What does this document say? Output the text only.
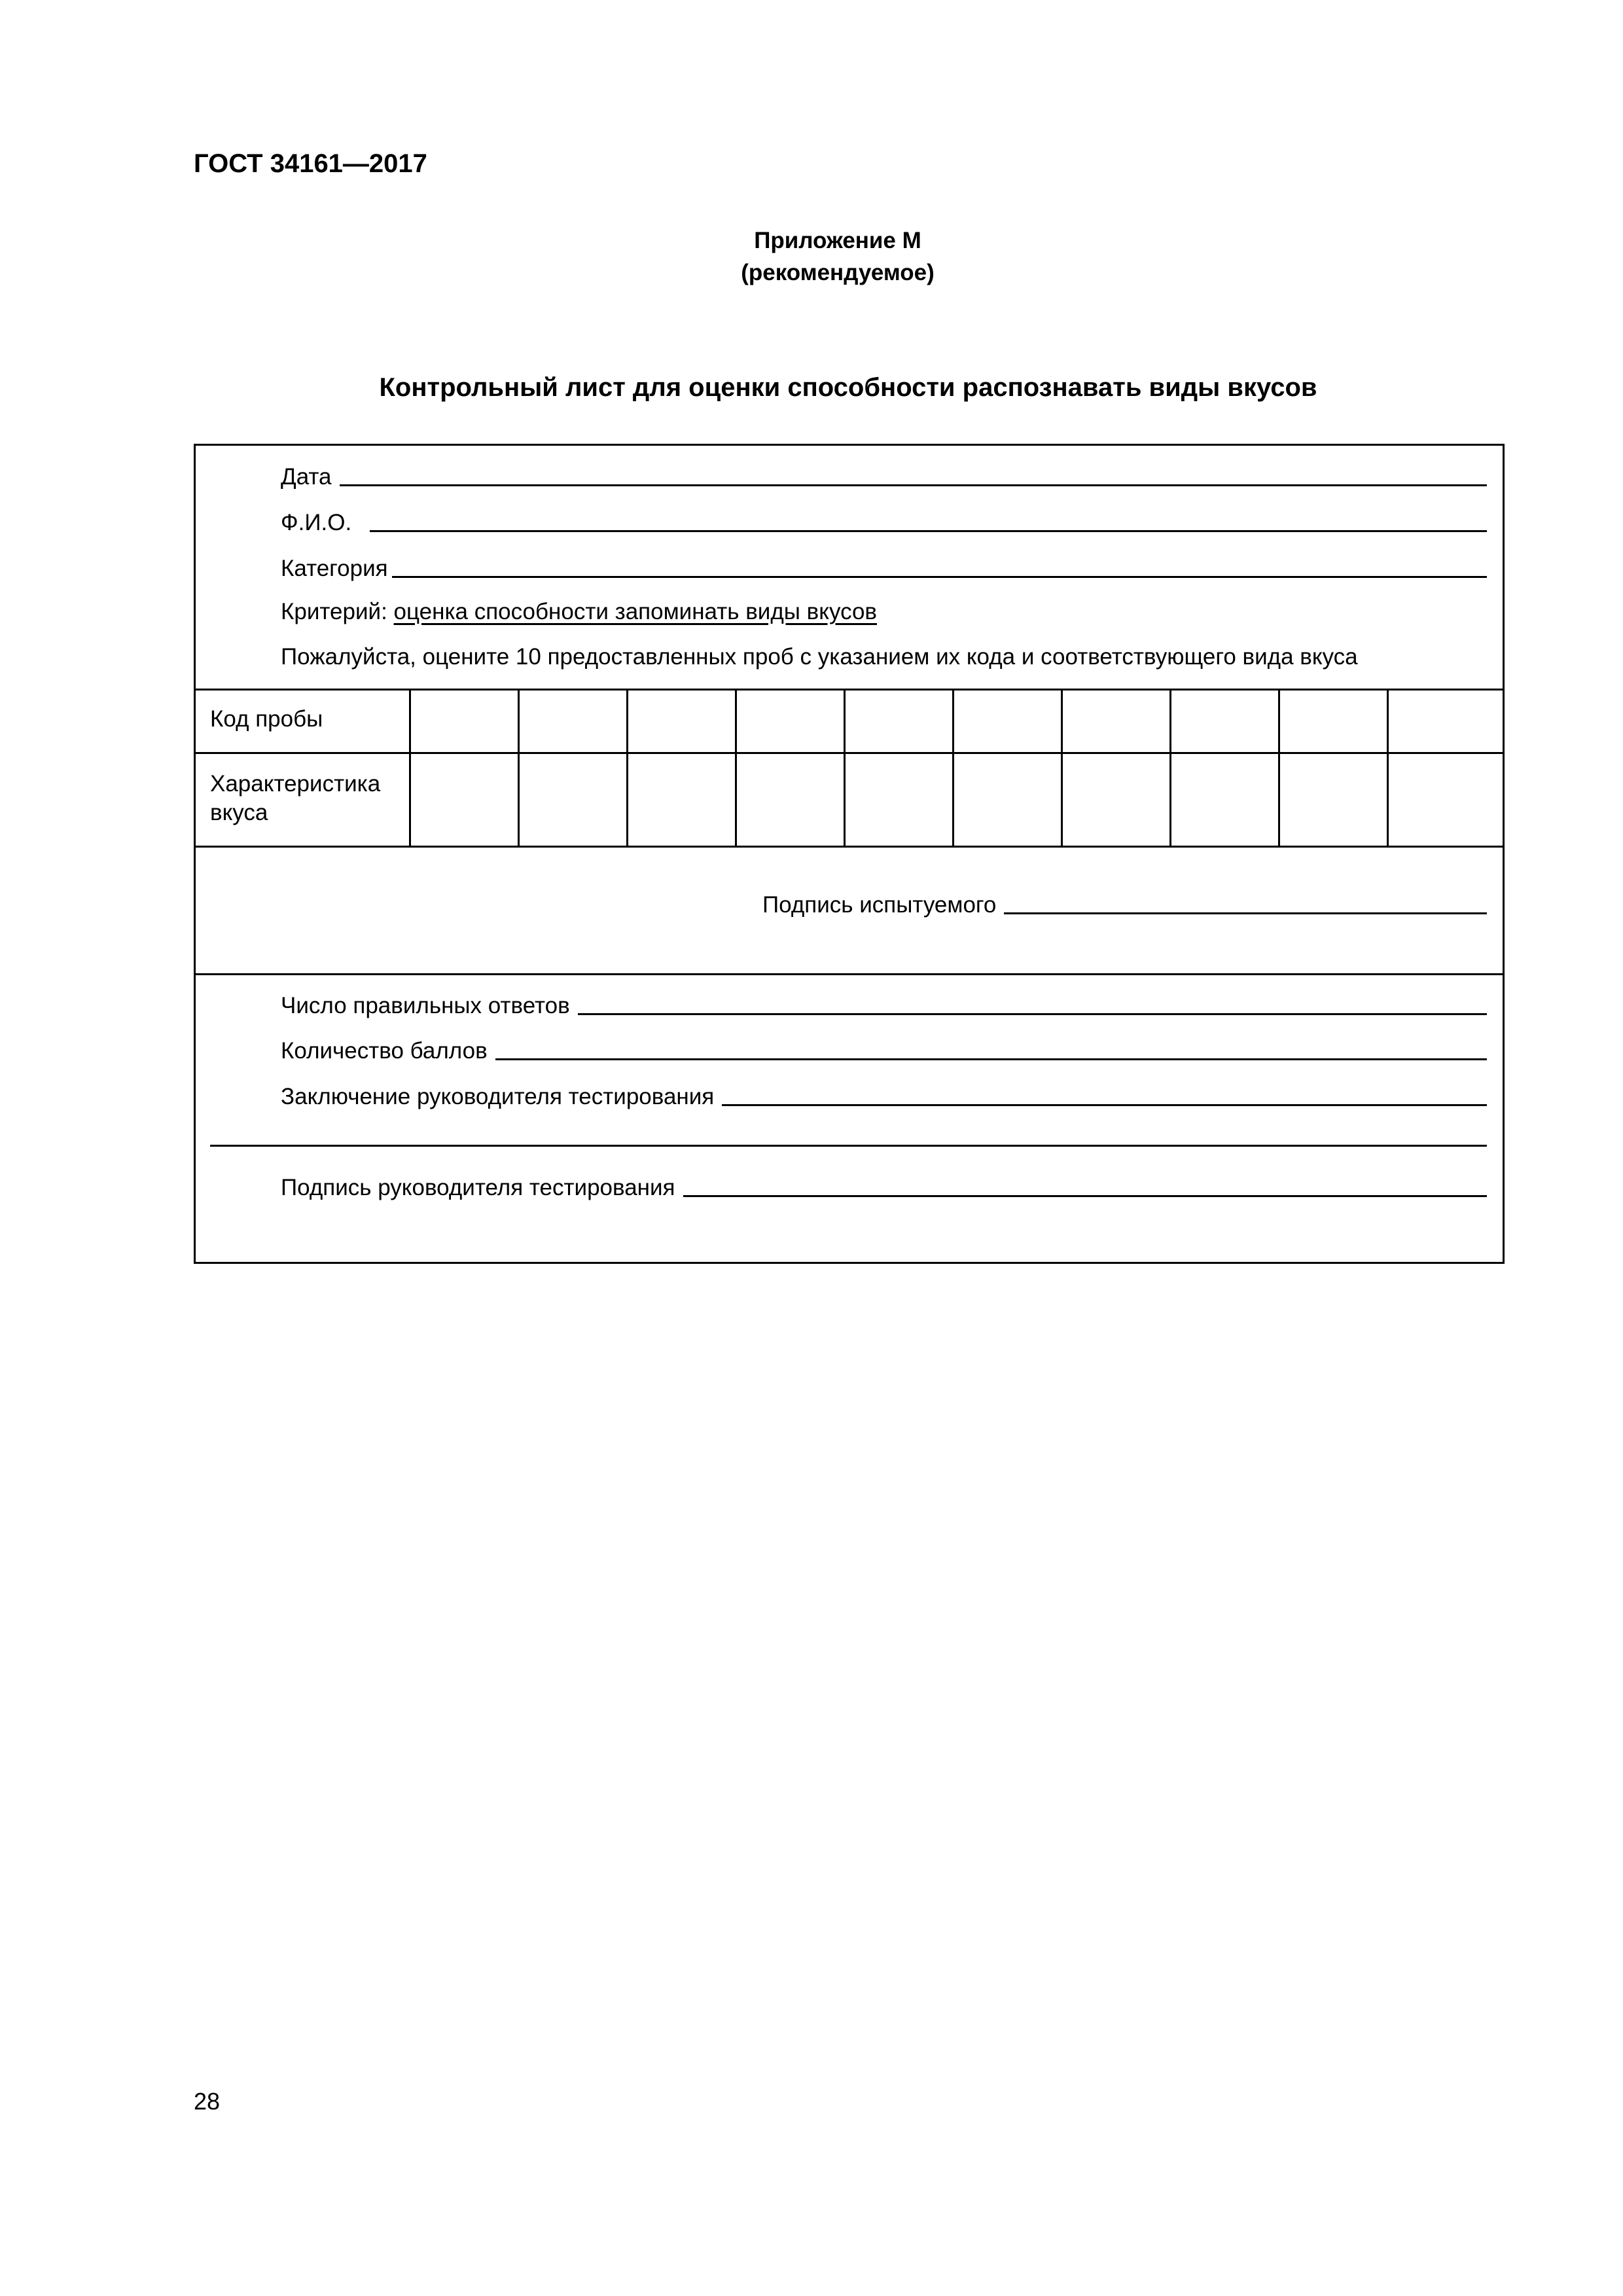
ГОСТ 34161—2017
Приложение М
(рекомендуемое)
Контрольный лист для оценки способности распознавать виды вкусов
Дата
Ф.И.О.
Категория
Критерий: оценка способности запоминать виды вкусов
Пожалуйста, оцените 10 предоставленных проб с указанием их кода и соответствующего вида вкуса
Код пробы
Характеристика
вкуса
Подпись испытуемого
Число правильных ответов
Количество баллов
Заключение руководителя тестирования
Подпись руководителя тестирования
28
